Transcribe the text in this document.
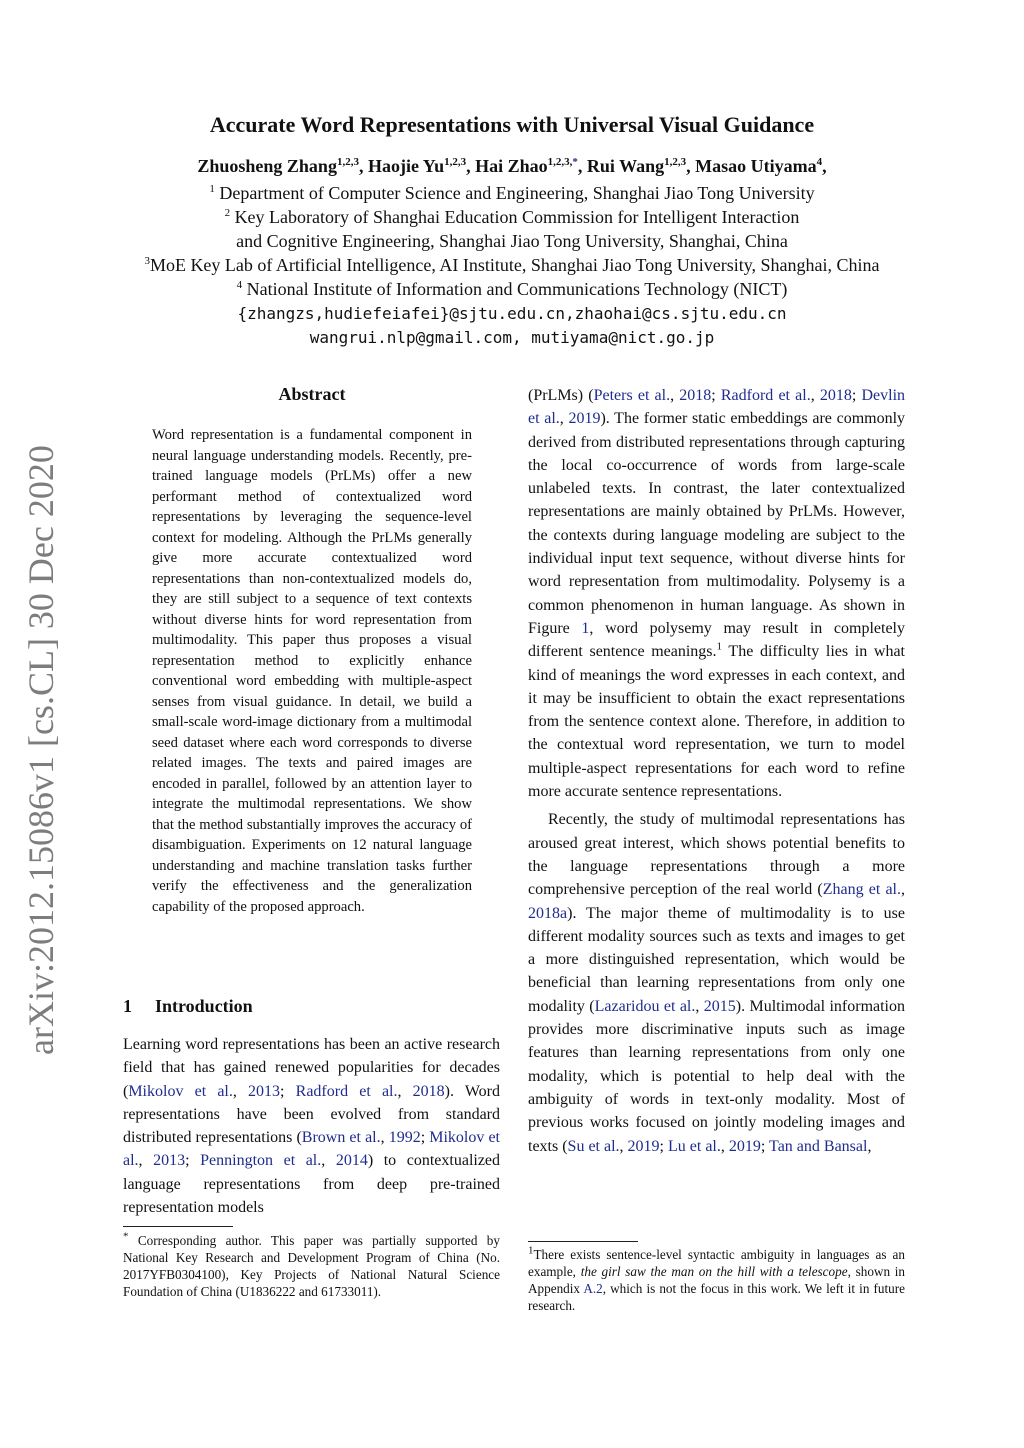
Accurate Word Representations with Universal Visual Guidance
Zhuosheng Zhang$^{1,2,3}$, Haojie Yu$^{1,2,3}$, Hai Zhao$^{1,2,3,*}$, Rui Wang$^{1,2,3}$, Masao Utiyama$^4$,
$^1$ Department of Computer Science and Engineering, Shanghai Jiao Tong University
$^2$ Key Laboratory of Shanghai Education Commission for Intelligent Interaction
and Cognitive Engineering, Shanghai Jiao Tong University, Shanghai, China
$^3$MoE Key Lab of Artificial Intelligence, AI Institute, Shanghai Jiao Tong University, Shanghai, China
$^4$ National Institute of Information and Communications Technology (NICT)
{zhangzs,hudiefeiafei}@sjtu.edu.cn,zhaohai@cs.sjtu.edu.cn
wangrui.nlp@gmail.com, mutiyama@nict.go.jp
arXiv:2012.15086v1 [cs.CL] 30 Dec 2020
Abstract

Word representation is a fundamental component in neural language understanding models. Recently, pre-trained language models (PrLMs) offer a new performant method of contextualized word representations by leveraging the sequence-level context for modeling. Although the PrLMs generally give more accurate contextualized word representations than non-contextualized models do, they are still subject to a sequence of text contexts without diverse hints for word representation from multimodality. This paper thus proposes a visual representation method to explicitly enhance conventional word embedding with multiple-aspect senses from visual guidance. In detail, we build a small-scale word-image dictionary from a multimodal seed dataset where each word corresponds to diverse related images. The texts and paired images are encoded in parallel, followed by an attention layer to integrate the multimodal representations. We show that the method substantially improves the accuracy of disambiguation. Experiments on 12 natural language understanding and machine translation tasks further verify the effectiveness and the generalization capability of the proposed approach.

1 Introduction

Learning word representations has been an active research field that has gained renewed popularities for decades (Mikolov et al., 2013; Radford et al., 2018). Word representations have been evolved from standard distributed representations (Brown et al., 1992; Mikolov et al., 2013; Pennington et al., 2014) to contextualized language representations from deep pre-trained representation models

* Corresponding author. This paper was partially supported by National Key Research and Development Program of China (No. 2017YFB0304100), Key Projects of National Natural Science Foundation of China (U1836222 and 61733011).

(PrLMs) (Peters et al., 2018; Radford et al., 2018; Devlin et al., 2019). The former static embeddings are commonly derived from distributed representations through capturing the local co-occurrence of words from large-scale unlabeled texts. In contrast, the later contextualized representations are mainly obtained by PrLMs. However, the contexts during language modeling are subject to the individual input text sequence, without diverse hints for word representation from multimodality. Polysemy is a common phenomenon in human language. As shown in Figure 1, word polysemy may result in completely different sentence meanings.$^1$ The difficulty lies in what kind of meanings the word expresses in each context, and it may be insufficient to obtain the exact representations from the sentence context alone. Therefore, in addition to the contextual word representation, we turn to model multiple-aspect representations for each word to refine more accurate sentence representations.

Recently, the study of multimodal representations has aroused great interest, which shows potential benefits to the language representations through a more comprehensive perception of the real world (Zhang et al., 2018a). The major theme of multimodality is to use different modality sources such as texts and images to get a more distinguished representation, which would be beneficial than learning representations from only one modality (Lazaridou et al., 2015). Multimodal information provides more discriminative inputs such as image features than learning representations from only one modality, which is potential to help deal with the ambiguity of words in text-only modality. Most of previous works focused on jointly modeling images and texts (Su et al., 2019; Lu et al., 2019; Tan and Bansal,

$^1$There exists sentence-level syntactic ambiguity in languages as an example, the girl saw the man on the hill with a telescope, shown in Appendix A.2, which is not the focus in this work. We left it in future research.
